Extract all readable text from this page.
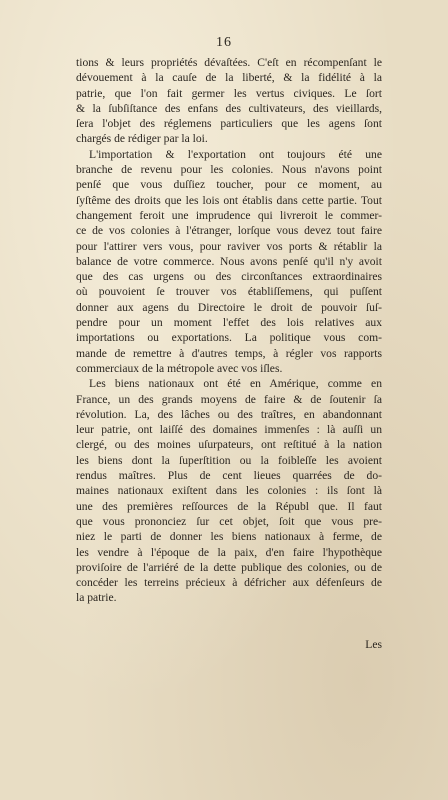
16
tions & leurs propriétés dévaſtées. C'eſt en récompenſant le
dévouement à la cauſe de la liberté, & la fidélité à la
patrie, que l'on fait germer les vertus civiques. Le ſort
& la ſubſiſtance des enfans des cultivateurs, des vieillards,
ſera l'objet des réglemens particuliers que les agens ſont
chargés de rédiger par la loi.
L'importation & l'exportation ont toujours été une
branche de revenu pour les colonies. Nous n'avons point
penſé que vous duſſiez toucher, pour ce moment, au
ſyſtême des droits que les lois ont établis dans cette partie. Tout
changement feroit une imprudence qui livreroit le commer-
ce de vos colonies à l'étranger, lorſque vous devez tout faire
pour l'attirer vers vous, pour raviver vos ports & rétablir la
balance de votre commerce. Nous avons penſé qu'il n'y avoit
que des cas urgens ou des circonſtances extraordinaires
où pouvoient ſe trouver vos établiſſemens, qui puſſent
donner aux agens du Directoire le droit de pouvoir ſuſ-
pendre pour un moment l'effet des lois relatives aux
importations ou exportations. La politique vous com-
mande de remettre à d'autres temps, à régler vos rapports
commerciaux de la métropole avec vos iſles.
Les biens nationaux ont été en Amérique, comme en
France, un des grands moyens de faire & de ſoutenir ſa
révolution. La, des lâches ou des traîtres, en abandonnant
leur patrie, ont laiſſé des domaines immenſes : là auſſi un
clergé, ou des moines uſurpateurs, ont reſtitué à la nation
les biens dont la ſuperſtition ou la foibleſſe les avoient
rendus maîtres. Plus de cent lieues quarrées de do-
maines nationaux exiſtent dans les colonies : ils ſont là
une des premières reſſources de la Républ que. Il faut
que vous prononciez ſur cet objet, ſoit que vous pre-
niez le parti de donner les biens nationaux à ferme, de
les vendre à l'époque de la paix, d'en faire l'hypothèque
proviſoire de l'arriéré de la dette publique des colonies, ou de
concéder les terreins précieux à défricher aux défenſeurs de
la patrie.
Les
